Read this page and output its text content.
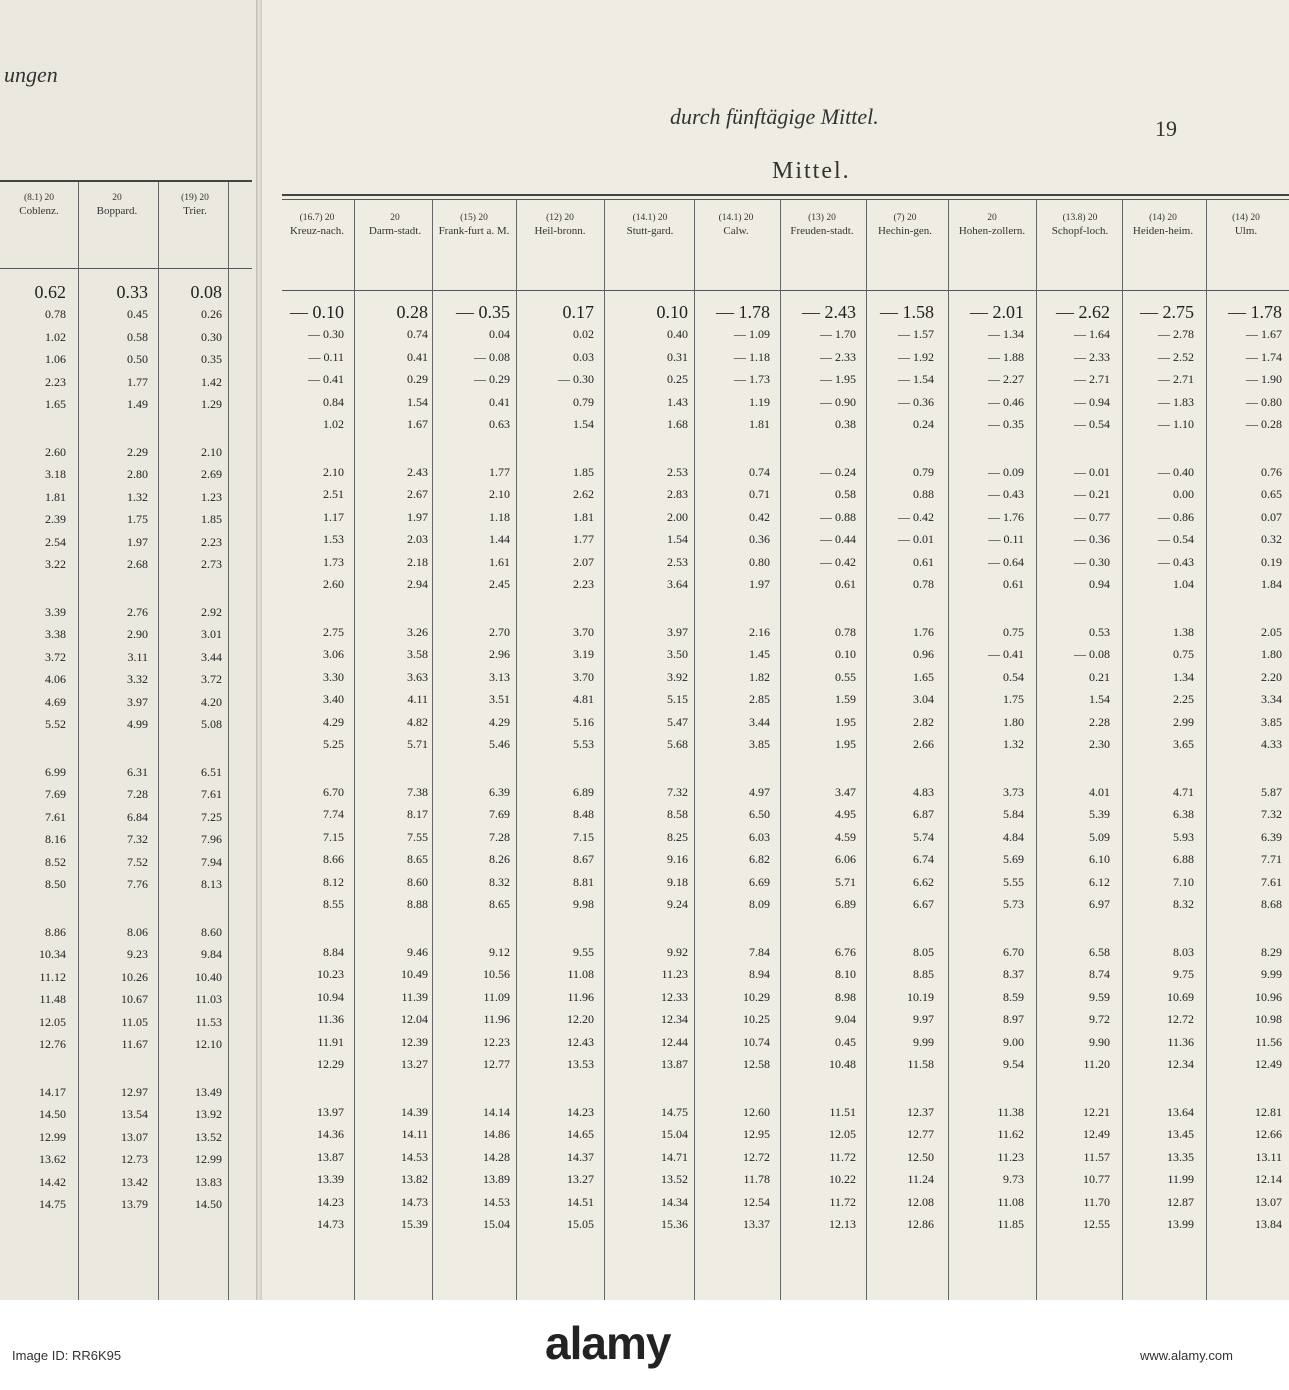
ungen
(8.1) 20
Coblenz.
0.62
0.78
1.02
1.06
2.23
1.65
2.60
3.18
1.81
2.39
2.54
3.22
3.39
3.38
3.72
4.06
4.69
5.52
6.99
7.69
7.61
8.16
8.52
8.50
8.86
10.34
11.12
11.48
12.05
12.76
14.17
14.50
12.99
13.62
14.42
14.75
20
Boppard.
0.33
0.45
0.58
0.50
1.77
1.49
2.29
2.80
1.32
1.75
1.97
2.68
2.76
2.90
3.11
3.32
3.97
4.99
6.31
7.28
6.84
7.32
7.52
7.76
8.06
9.23
10.26
10.67
11.05
11.67
12.97
13.54
13.07
12.73
13.42
13.79
(19) 20
Trier.
0.08
0.26
0.30
0.35
1.42
1.29
2.10
2.69
1.23
1.85
2.23
2.73
2.92
3.01
3.44
3.72
4.20
5.08
6.51
7.61
7.25
7.96
7.94
8.13
8.60
9.84
10.40
11.03
11.53
12.10
13.49
13.92
13.52
12.99
13.83
14.50
durch fünftägige Mittel.	19
Mittel.
(16.7) 20
Kreuz-nach.
— 0.10
— 0.30
— 0.11
— 0.41
0.84
1.02
2.10
2.51
1.17
1.53
1.73
2.60
2.75
3.06
3.30
3.40
4.29
5.25
6.70
7.74
7.15
8.66
8.12
8.55
8.84
10.23
10.94
11.36
11.91
12.29
13.97
14.36
13.87
13.39
14.23
14.73
20
Darm-stadt.
0.28
0.74
0.41
0.29
1.54
1.67
2.43
2.67
1.97
2.03
2.18
2.94
3.26
3.58
3.63
4.11
4.82
5.71
7.38
8.17
7.55
8.65
8.60
8.88
9.46
10.49
11.39
12.04
12.39
13.27
14.39
14.11
14.53
13.82
14.73
15.39
(15) 20
Frank-furt a. M.
— 0.35
0.04
— 0.08
— 0.29
0.41
0.63
1.77
2.10
1.18
1.44
1.61
2.45
2.70
2.96
3.13
3.51
4.29
5.46
6.39
7.69
7.28
8.26
8.32
8.65
9.12
10.56
11.09
11.96
12.23
12.77
14.14
14.86
14.28
13.89
14.53
15.04
(12) 20
Heil-bronn.
0.17
0.02
0.03
— 0.30
0.79
1.54
1.85
2.62
1.81
1.77
2.07
2.23
3.70
3.19
3.70
4.81
5.16
5.53
6.89
8.48
7.15
8.67
8.81
9.98
9.55
11.08
11.96
12.20
12.43
13.53
14.23
14.65
14.37
13.27
14.51
15.05
(14.1) 20
Stutt-gard.
0.10
0.40
0.31
0.25
1.43
1.68
2.53
2.83
2.00
1.54
2.53
3.64
3.97
3.50
3.92
5.15
5.47
5.68
7.32
8.58
8.25
9.16
9.18
9.24
9.92
11.23
12.33
12.34
12.44
13.87
14.75
15.04
14.71
13.52
14.34
15.36
(14.1) 20
Calw.
— 1.78
— 1.09
— 1.18
— 1.73
1.19
1.81
0.74
0.71
0.42
0.36
0.80
1.97
2.16
1.45
1.82
2.85
3.44
3.85
4.97
6.50
6.03
6.82
6.69
8.09
7.84
8.94
10.29
10.25
10.74
12.58
12.60
12.95
12.72
11.78
12.54
13.37
(13) 20
Freuden-stadt.
— 2.43
— 1.70
— 2.33
— 1.95
— 0.90
0.38
— 0.24
0.58
— 0.88
— 0.44
— 0.42
0.61
0.78
0.10
0.55
1.59
1.95
1.95
3.47
4.95
4.59
6.06
5.71
6.89
6.76
8.10
8.98
9.04
0.45
10.48
11.51
12.05
11.72
10.22
11.72
12.13
(7) 20
Hechin-gen.
— 1.58
— 1.57
— 1.92
— 1.54
— 0.36
0.24
0.79
0.88
— 0.42
— 0.01
0.61
0.78
1.76
0.96
1.65
3.04
2.82
2.66
4.83
6.87
5.74
6.74
6.62
6.67
8.05
8.85
10.19
9.97
9.99
11.58
12.37
12.77
12.50
11.24
12.08
12.86
20
Hohen-zollern.
— 2.01
— 1.34
— 1.88
— 2.27
— 0.46
— 0.35
— 0.09
— 0.43
— 1.76
— 0.11
— 0.64
0.61
0.75
— 0.41
0.54
1.75
1.80
1.32
3.73
5.84
4.84
5.69
5.55
5.73
6.70
8.37
8.59
8.97
9.00
9.54
11.38
11.62
11.23
9.73
11.08
11.85
(13.8) 20
Schopf-loch.
— 2.62
— 1.64
— 2.33
— 2.71
— 0.94
— 0.54
— 0.01
— 0.21
— 0.77
— 0.36
— 0.30
0.94
0.53
— 0.08
0.21
1.54
2.28
2.30
4.01
5.39
5.09
6.10
6.12
6.97
6.58
8.74
9.59
9.72
9.90
11.20
12.21
12.49
11.57
10.77
11.70
12.55
(14) 20
Heiden-heim.
— 2.75
— 2.78
— 2.52
— 2.71
— 1.83
— 1.10
— 0.40
0.00
— 0.86
— 0.54
— 0.43
1.04
1.38
0.75
1.34
2.25
2.99
3.65
4.71
6.38
5.93
6.88
7.10
8.32
8.03
9.75
10.69
12.72
11.36
12.34
13.64
13.45
13.35
11.99
12.87
13.99
(14) 20
Ulm.
— 1.78
— 1.67
— 1.74
— 1.90
— 0.80
— 0.28
0.76
0.65
0.07
0.32
0.19
1.84
2.05
1.80
2.20
3.34
3.85
4.33
5.87
7.32
6.39
7.71
7.61
8.68
8.29
9.99
10.96
10.98
11.56
12.49
12.81
12.66
13.11
12.14
13.07
13.84
alamy
Image ID: RR6K95	www.alamy.com
